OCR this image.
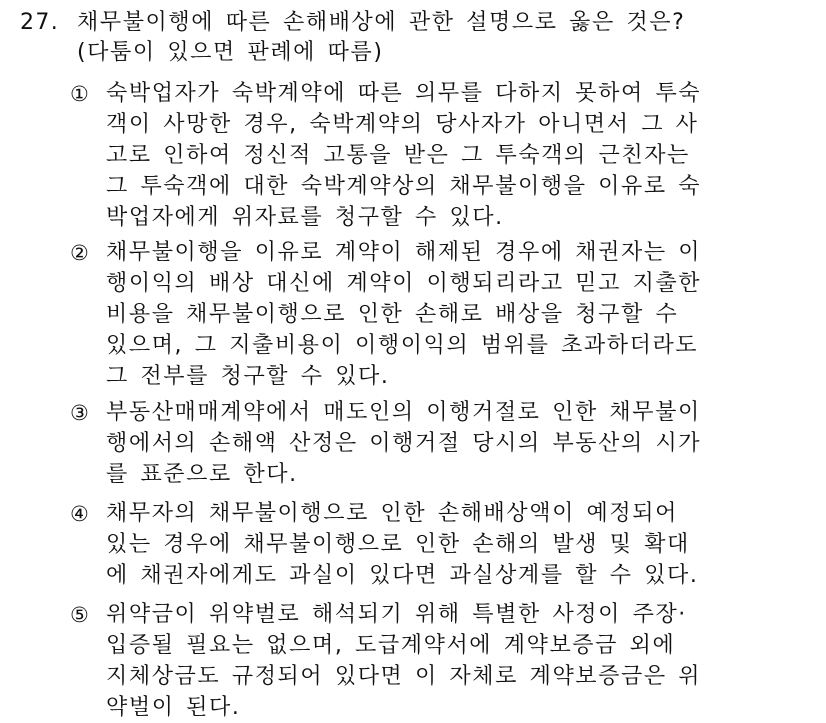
27. 채무불이행에 따른 손해배상에 관한 설명으로 옳은 것은?
(다툼이 있으면 판례에 따름)
① 숙박업자가 숙박계약에 따른 의무를 다하지 못하여 투숙
객이 사망한 경우, 숙박계약의 당사자가 아니면서 그 사
고로 인하여 정신적 고통을 받은 그 투숙객의 근친자는
그 투숙객에 대한 숙박계약상의 채무불이행을 이유로 숙
박업자에게 위자료를 청구할 수 있다.
② 채무불이행을 이유로 계약이 해제된 경우에 채권자는 이
행이익의 배상 대신에 계약이 이행되리라고 믿고 지출한
비용을 채무불이행으로 인한 손해로 배상을 청구할 수
있으며, 그 지출비용이 이행이익의 범위를 초과하더라도
그 전부를 청구할 수 있다.
③ 부동산매매계약에서 매도인의 이행거절로 인한 채무불이
행에서의 손해액 산정은 이행거절 당시의 부동산의 시가
를 표준으로 한다.
④ 채무자의 채무불이행으로 인한 손해배상액이 예정되어
있는 경우에 채무불이행으로 인한 손해의 발생 및 확대
에 채권자에게도 과실이 있다면 과실상계를 할 수 있다.
⑤ 위약금이 위약벌로 해석되기 위해 특별한 사정이 주장·
입증될 필요는 없으며, 도급계약서에 계약보증금 외에
지체상금도 규정되어 있다면 이 자체로 계약보증금은 위
약벌이 된다.
